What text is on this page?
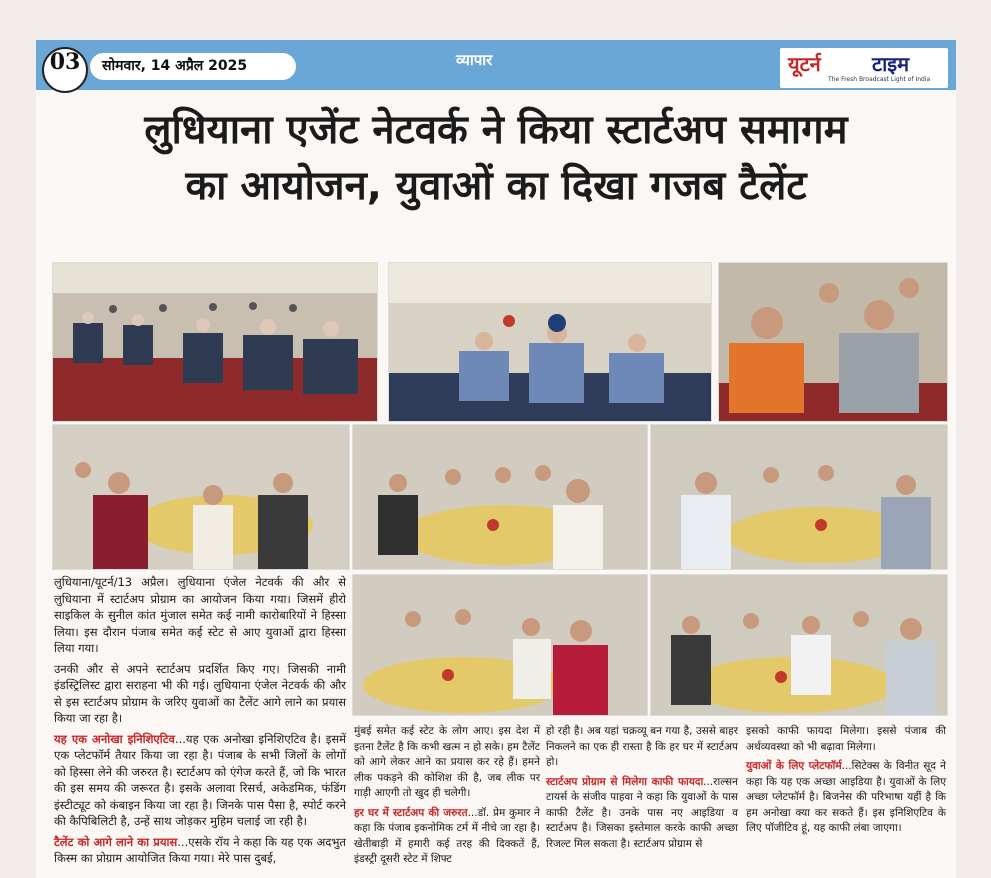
03	सोमवार, 14 अप्रैल 2025	व्यापार	यूटर्न	टाइम
The Fresh Broadcast Light of India
लुधियाना एजेंट नेटवर्क ने किया स्टार्टअप समागम
का आयोजन, युवाओं का दिखा गजब टैलेंट

लुधियाना/यूटर्न/13 अप्रैल। लुधियाना एंजेल नेटवर्क की और से लुधियाना में स्टार्टअप प्रोग्राम का आयोजन किया गया। जिसमें हीरो साइकिल के सुनील कांत मुंजाल समेत कई नामी कारोबारियों ने हिस्सा लिया। इस दौरान पंजाब समेत कई स्टेट से आए युवाओं द्वारा हिस्सा लिया गया।

उनकी और से अपने स्टार्टअप प्रदर्शित किए गए। जिसकी नामी इंडस्ट्रिलिस्ट द्वारा सराहना भी की गई। लुधियाना एंजेल नेटवर्क की और से इस स्टार्टअप प्रोग्राम के जरिए युवाओं का टैलेंट आगे लाने का प्रयास किया जा रहा है।

यह एक अनोखा इनिशिएटिव...यह एक अनोखा इनिशिएटिव है। इसमें एक प्लेटफॉर्म तैयार किया जा रहा है। पंजाब के सभी जिलों के लोगों को हिस्सा लेने की जरुरत है। स्टार्टअप को एंगेज करते हैं, जो कि भारत की इस समय की जरूरत है। इसके अलावा रिसर्च, अकेडमिक, फंडिंग इंस्टीट्यूट को कंबाइन किया जा रहा है। जिनके पास पैसा है, स्पोर्ट करने की कैपिबिलिटी है, उन्हें साथ जोड़कर मुहिम चलाई जा रही है।

टैलेंट को आगे लाने का प्रयास...एसके रॉय ने कहा कि यह एक अदभुत किस्म का प्रोग्राम आयोजित किया गया। मेरे पास दुबई,

मुंबई समेत कई स्टेट के लोग आए। इस देश में इतना टैलेंट है कि कभी खत्म न हो सके। हम टैलेंट को आगे लेकर आने का प्रयास कर रहे हैं। हमने लीक पकड़ने की कोशिश की है, जब लीक पर गाड़ी आएगी तो खुद ही चलेगी।

हर घर में स्टार्टअप की जरुरत...डॉ. प्रेम कुमार ने कहा कि पंजाब इकनोमिक टर्म में नीचे जा रहा है। खेतीबाड़ी में हमारी कई तरह की दिक्कतें हैं, इंडस्ट्री दूसरी स्टेट में शिफ्ट

हो रही है। अब यहां चक्रव्यू बन गया है, उससे बाहर निकलने का एक ही रास्ता है कि हर घर में स्टार्टअप हो।

स्टार्टअप प्रोग्राम से मिलेगा काफी फायदा...राल्सन टायर्स के संजीव पाहवा ने कहा कि युवाओं के पास काफी टैलेंट है। उनके पास नए आइडिया व स्टार्टअप है। जिसका इस्तेमाल करके काफी अच्छा रिजल्ट मिल सकता है। स्टार्टअप प्रोग्राम से

इसको काफी फायदा मिलेगा। इससे पंजाब की अर्थव्यवस्था को भी बढ़ावा मिलेगा।

युवाओं के लिए प्लेटफॉर्म...सिटेक्स के विनीत सूद ने कहा कि यह एक अच्छा आइडिया है। युवाओं के लिए अच्छा प्लेटफॉर्म है। बिजनेस की परिभाषा यहीं है कि हम अनोखा क्या कर सकते हैं। इस इनिशिएटिव के लिए पॉजीटिव हूं, यह काफी लंबा जाएगा।
